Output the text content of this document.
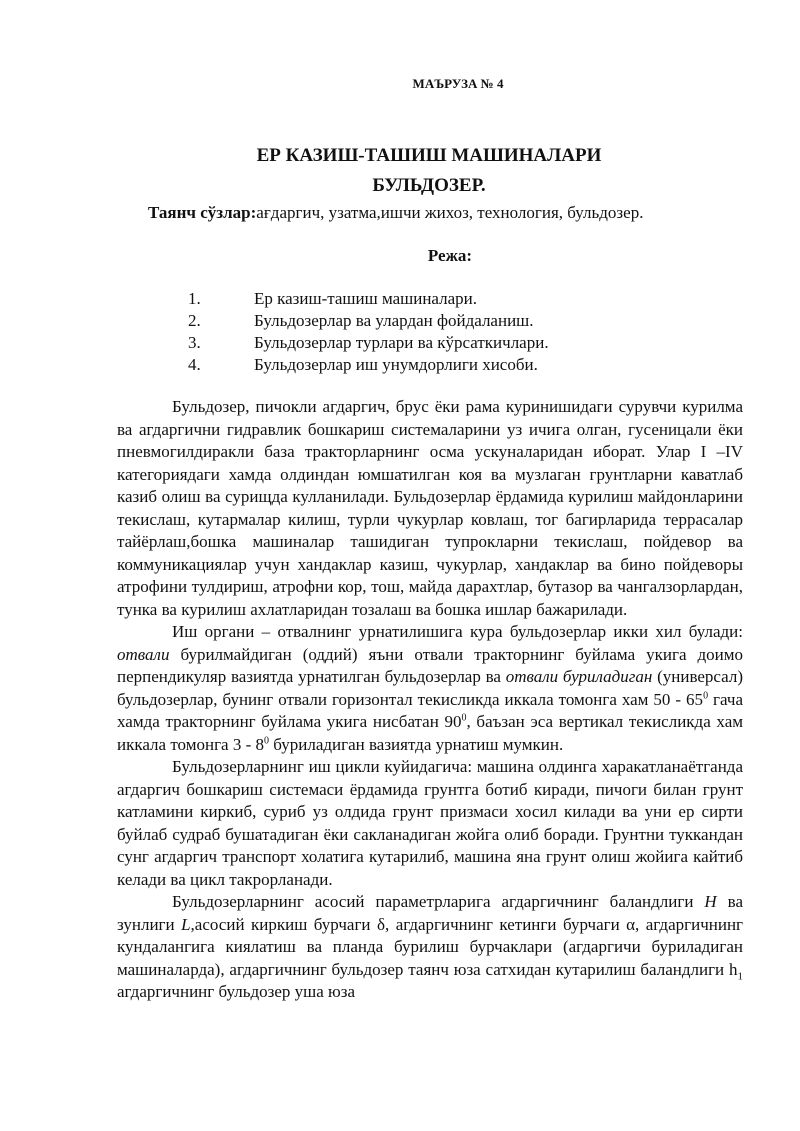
МАЪРУЗА № 4
ЕР КАЗИШ-ТАШИШ МАШИНАЛАРИ
БУЛЬДОЗЕР.
Таянч сўзлар:ағдаргич, узатма,ишчи жихоз, технология, бульдозер.
Режа:
1.	Ер казиш-ташиш машиналари.
2.	Бульдозерлар ва улардан фойдаланиш.
3.	Бульдозерлар турлари ва кўрсаткичлари.
4.	Бульдозерлар иш унумдорлиги хисоби.

Бульдозер, пичокли агдаргич, брус ёки рама куринишидаги сурувчи курилма ва агдаргични гидравлик бошкариш системаларини уз ичига олган, гусеницали ёки пневмогилдиракли база тракторларнинг осма ускуналаридан иборат. Улар I –IV категориядаги хамда олдиндан юмшатилган коя ва музлаган грунтларни каватлаб казиб олиш ва сурищда кулланилади. Бульдозерлар ёрдамида курилиш майдонларини текислаш, кутармалар килиш, турли чукурлар ковлаш, тог багирларида террасалар тайёрлаш,бошка машиналар ташидиган тупрокларни текислаш, пойдевор ва коммуникациялар учун хандаклар казиш, чукурлар, хандаклар ва бино пойдеворы атрофини тулдириш, атрофни кор, тош, майда дарахтлар, бутазор ва чангалзорлардан, тунка ва курилиш ахлатларидан тозалаш ва бошка ишлар бажарилади.

Иш органи – отвалнинг урнатилишига кура бульдозерлар икки хил булади: отвали бурилмайдиган (оддий) яъни отвали тракторнинг буйлама укига доимо перпендикуляр вазиятда урнатилган бульдозерлар ва отвали буриладиган (универсал) бульдозерлар, бунинг отвали горизонтал текисликда иккала томонга хам $50 - 65^0$ гача хамда тракторнинг буйлама укига нисбатан $90^0$, баъзан эса вертикал текисликда хам иккала томонга $3 - 8^0$ буриладиган вазиятда урнатиш мумкин.

Бульдозерларнинг иш цикли куйидагича: машина олдинга харакатланаётганда агдаргич бошкариш системаси ёрдамида грунтга ботиб киради, пичоги билан грунт катламини киркиб, суриб уз олдида грунт призмаси хосил килади ва уни ер сирти буйлаб судраб бушатадиган ёки сакланадиган жойга олиб боради. Грунтни туккандан сунг агдаргич транспорт холатига кутарилиб, машина яна грунт олиш жойига кайтиб келади ва цикл такрорланади.

Бульдозерларнинг асосий параметрларига агдаргичнинг баландлиги H ва зунлиги L,асосий киркиш бурчаги δ, агдаргичнинг кетинги бурчаги α, агдаргичнинг кундалангига киялатиш ва планда бурилиш бурчаклари (агдаргичи буриладиган машиналарда), агдаргичнинг бульдозер таянч юза сатхидан кутарилиш баландлиги $h_1$ агдаргичнинг бульдозер уша юза
